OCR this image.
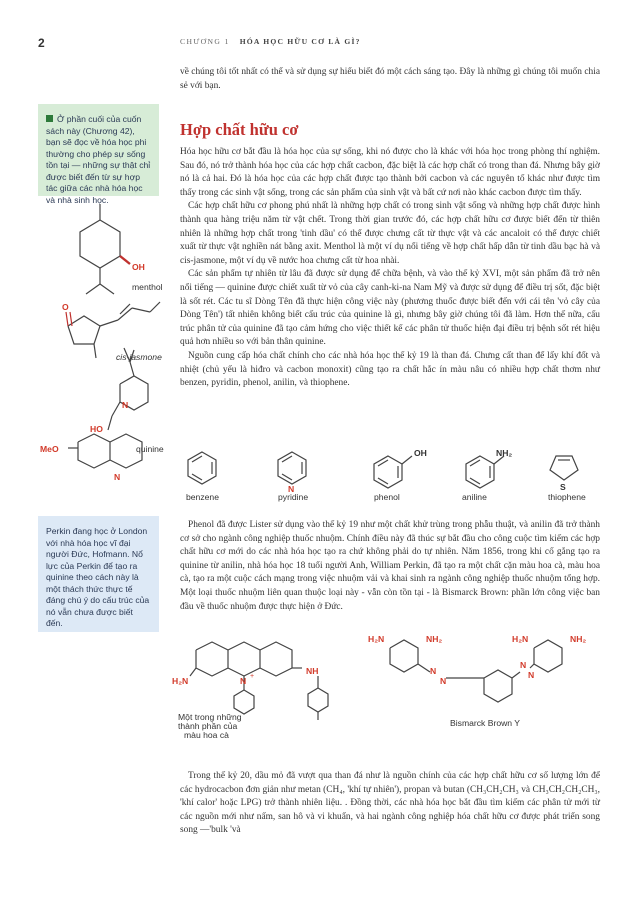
2	CHƯƠNG 1 HÓA HỌC HỮU CƠ LÀ GÌ?

về chúng tôi tốt nhất có thể và sử dụng sự hiểu biết đó một cách sáng tạo. Đây là những gì chúng tôi muốn chia sẻ với bạn.

Hợp chất hữu cơ

Hóa học hữu cơ bắt đầu là hóa học của sự sống, khi nó được cho là khác với hóa học trong phòng thí nghiệm. Sau đó, nó trở thành hóa học của các hợp chất cacbon, đặc biệt là các hợp chất có trong than đá. Nhưng bây giờ nó là cả hai. Đó là hóa học của các hợp chất được tạo thành bởi cacbon và các nguyên tố khác như được tìm thấy trong các sinh vật sống, trong các sản phẩm của sinh vật và bất cứ nơi nào khác cacbon được tìm thấy.

Các hợp chất hữu cơ phong phú nhất là những hợp chất có trong sinh vật sống và những hợp chất được hình thành qua hàng triệu năm từ vật chết. Trong thời gian trước đó, các hợp chất hữu cơ được biết đến từ thiên nhiên là những hợp chất trong 'tinh dầu' có thể được chưng cất từ thực vật và các ancaloit có thể được chiết xuất từ thực vật nghiền nát bằng axit. Menthol là một ví dụ nổi tiếng về hợp chất hấp dẫn từ tinh dầu bạc hà và cis-jasmone, một ví dụ về nước hoa chưng cất từ hoa nhài.

Các sản phẩm tự nhiên từ lâu đã được sử dụng để chữa bệnh, và vào thế kỷ XVI, một sản phẩm đã trở nên nổi tiếng — quinine được chiết xuất từ vỏ của cây canh-ki-na Nam Mỹ và được sử dụng để điều trị sốt, đặc biệt là sốt rét. Các tu sĩ Dòng Tên đã thực hiện công việc này (phương thuốc được biết đến với cái tên 'vỏ cây của Dòng Tên') tất nhiên không biết cấu trúc của quinine là gì, nhưng bây giờ chúng tôi đã làm. Hơn thế nữa, cấu trúc phân tử của quinine đã tạo cảm hứng cho việc thiết kế các phân tử thuốc hiện đại điều trị bệnh sốt rét hiệu quả hơn nhiều so với bản thân quinine.

Nguồn cung cấp hóa chất chính cho các nhà hóa học thế kỷ 19 là than đá. Chưng cất than để lấy khí đốt và nhiệt (chủ yếu là hiđro và cacbon monoxit) cũng tạo ra chất hắc ín màu nâu có nhiều hợp chất thơm như benzen, pyridin, phenol, anilin, và thiophene.

Ở phần cuối của cuốn sách này (Chương 42), bạn sẽ đọc về hóa học phi thường cho phép sự sống tồn tại — những sự thật chỉ được biết đến từ sự hợp tác giữa các nhà hóa học và nhà sinh học.
Perkin đang học ở London với nhà hóa học vĩ đại người Đức, Hofmann. Nổ lực của Perkin để tạo ra quinine theo cách này là một thách thức thực tế đáng chú ý do cấu trúc của nó vẫn chưa được biết đến.
OH
menthol
O
cis-jasmone
N
HO
MeO
N
quinine
benzene
N
pyridine
OH
phenol
NH₂
aniline
S
thiophene

Phenol đã được Lister sử dụng vào thế kỷ 19 như một chất khử trùng trong phẫu thuật, và anilin đã trở thành cơ sở cho ngành công nghiệp thuốc nhuộm. Chính điều này đã thúc sự bắt đầu cho công cuộc tìm kiếm các hợp chất hữu cơ mới do các nhà hóa học tạo ra chứ không phải do tự nhiên. Năm 1856, trong khi cố gắng tạo ra quinine từ anilin, nhà hóa học 18 tuổi người Anh, William Perkin, đã tạo ra một chất cặn màu hoa cà, màu hoa cà, tạo ra một cuộc cách mạng trong việc nhuộm vải và khai sinh ra ngành công nghiệp thuốc nhuộm tổng hợp. Một loại thuốc nhuộm liên quan thuộc loại này - vẫn còn tồn tại - là Bismarck Brown: phần lớn công việc ban đầu về thuốc nhuộm được thực hiện ở Đức.

H₂N	N +
NH
Một trong những
thành phần của
màu hoa cà
H₂N	NH₂	H₂N	NH₂
N
N
N
N
Bismarck Brown Y

Trong thế kỷ 20, dầu mỏ đã vượt qua than đá như là nguồn chính của các hợp chất hữu cơ số lượng lớn để các hydrocacbon đơn giản như metan (CH₄, 'khí tự nhiên'), propan và butan (CH₃CH₂CH₃ và CH₃CH₂CH₂CH₃, 'khí calor' hoặc LPG) trở thành nhiên liệu. . Đồng thời, các nhà hóa học bắt đầu tìm kiếm các phân tử mới từ các nguồn mới như nấm, san hô và vi khuẩn, và hai ngành công nghiệp hóa chất hữu cơ được phát triển song song —'bulk 'và
